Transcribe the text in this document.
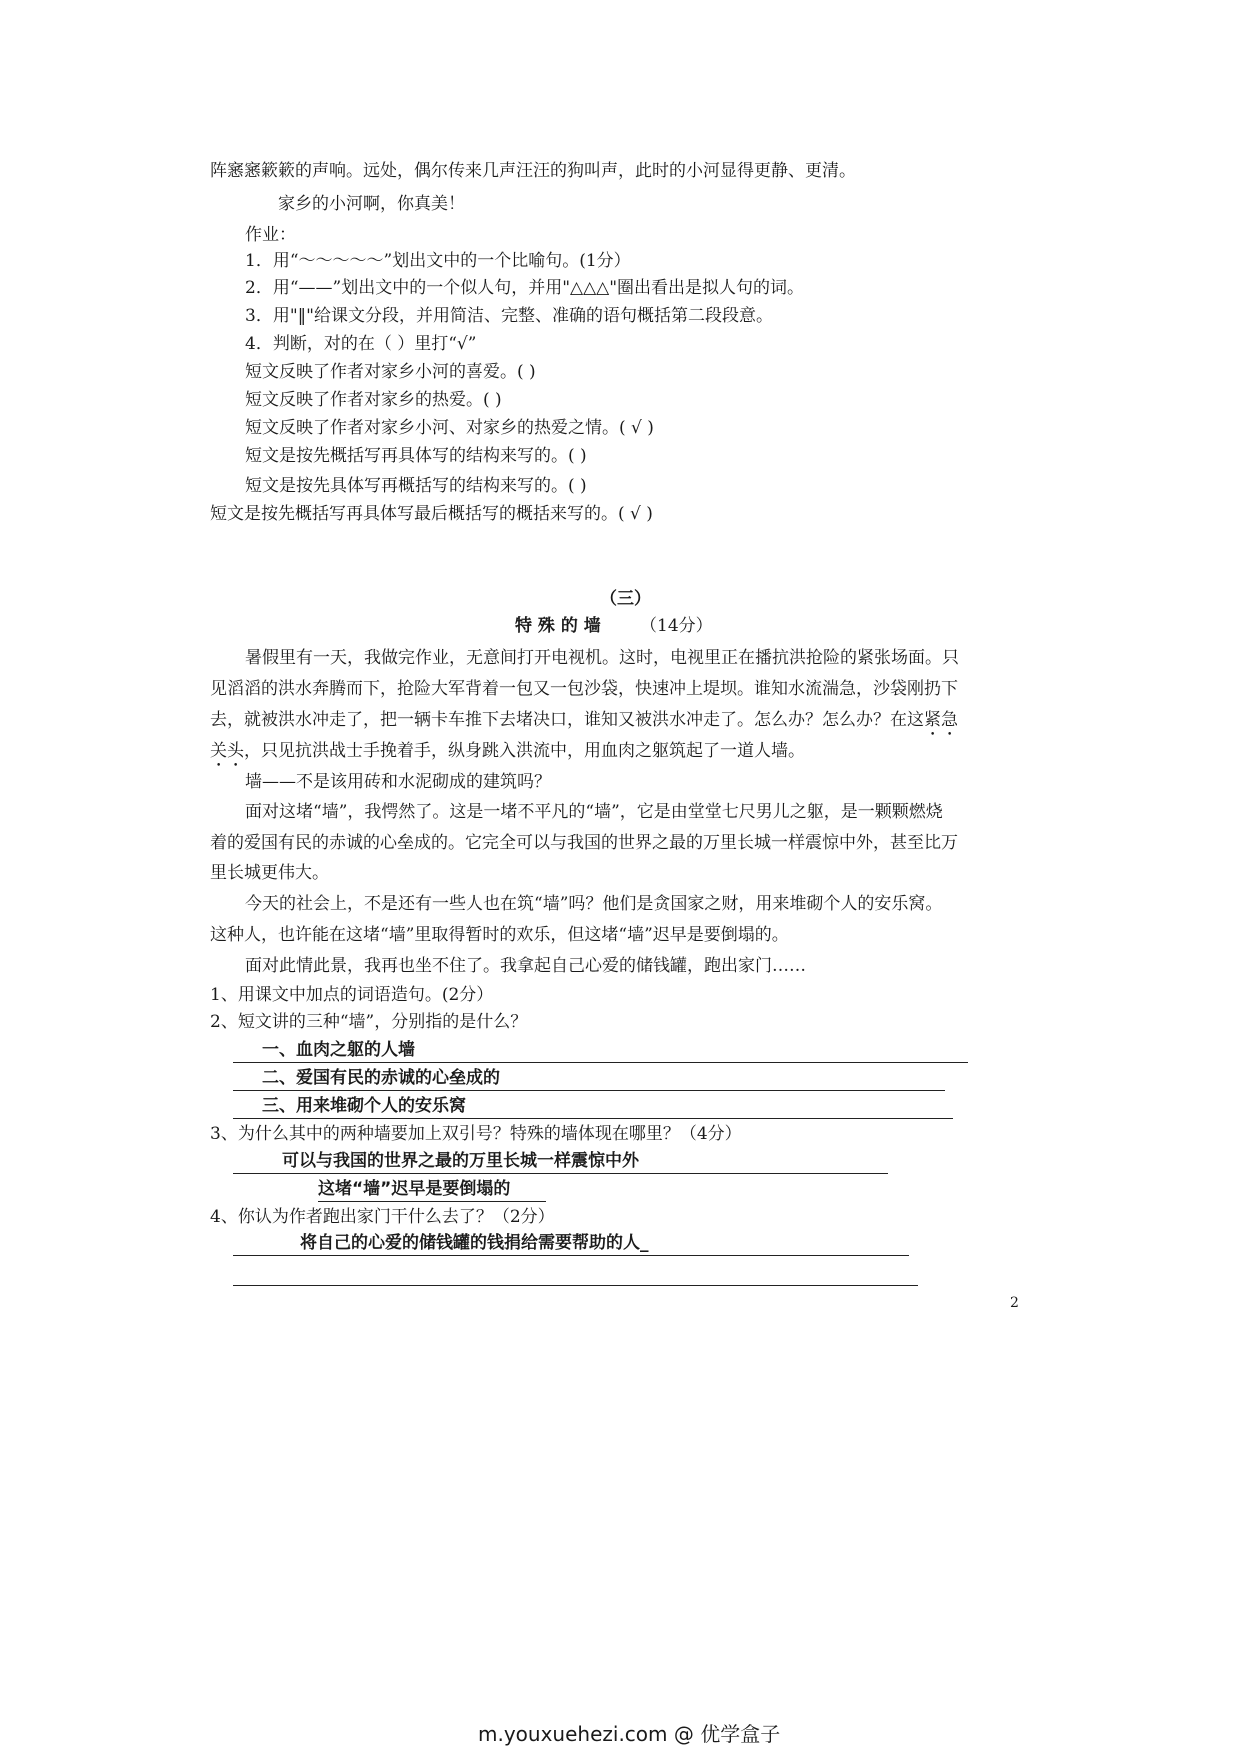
阵窸窸簌簌的声响。远处，偶尔传来几声汪汪的狗叫声，此时的小河显得更静、更清。
家乡的小河啊，你真美！
作业：
1．用“～～～～～”划出文中的一个比喻句。(1分）
2．用“——”划出文中的一个似人句，并用"△△△"圈出看出是拟人句的词。
3．用"‖"给课文分段，并用简洁、完整、准确的语句概括第二段段意。
4．判断，对的在（ ）里打“√”
短文反映了作者对家乡小河的喜爱。( )
短文反映了作者对家乡的热爱。( )
短文反映了作者对家乡小河、对家乡的热爱之情。( √ )
短文是按先概括写再具体写的结构来写的。( )
短文是按先具体写再概括写的结构来写的。( )
短文是按先概括写再具体写最后概括写的概括来写的。( √ )
（三）
特 殊 的 墙 （14分）
暑假里有一天，我做完作业，无意间打开电视机。这时，电视里正在播抗洪抢险的紧张场面。只
见滔滔的洪水奔腾而下，抢险大军背着一包又一包沙袋，快速冲上堤坝。谁知水流湍急，沙袋刚扔下
去，就被洪水冲走了，把一辆卡车推下去堵决口，谁知又被洪水冲走了。怎么办？怎么办？在这紧急
关头，只见抗洪战士手挽着手，纵身跳入洪流中，用血肉之躯筑起了一道人墙。
墙——不是该用砖和水泥砌成的建筑吗？
面对这堵“墙”，我愕然了。这是一堵不平凡的“墙”，它是由堂堂七尺男儿之躯，是一颗颗燃烧
着的爱国有民的赤诚的心垒成的。它完全可以与我国的世界之最的万里长城一样震惊中外，甚至比万
里长城更伟大。
今天的社会上，不是还有一些人也在筑“墙”吗？他们是贪国家之财，用来堆砌个人的安乐窝。
这种人，也许能在这堵“墙”里取得暂时的欢乐，但这堵“墙”迟早是要倒塌的。
面对此情此景，我再也坐不住了。我拿起自己心爱的储钱罐，跑出家门……
1、用课文中加点的词语造句。(2分）
2、短文讲的三种“墙”，分别指的是什么？
一、血肉之躯的人墙
二、爱国有民的赤诚的心垒成的
三、用来堆砌个人的安乐窝
3、为什么其中的两种墙要加上双引号？特殊的墙体现在哪里？（4分）
可以与我国的世界之最的万里长城一样震惊中外
这堵“墙”迟早是要倒塌的
4、你认为作者跑出家门干什么去了？（2分）
将自己的心爱的储钱罐的钱捐给需要帮助的人_
2
m.youxuehezi.com @ 优学盒子
